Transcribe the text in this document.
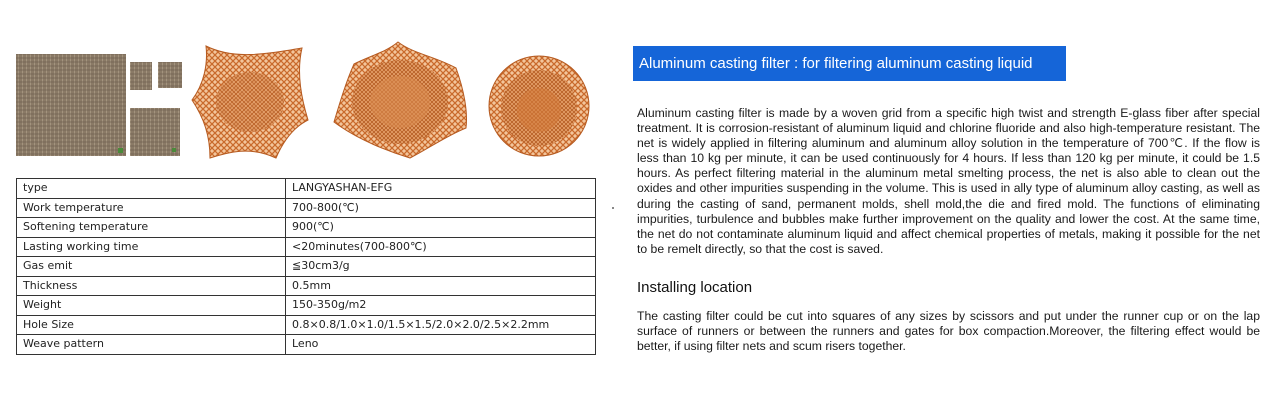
type	LANGYASHAN-EFG
Work temperature	700-800(℃)
Softening temperature	900(℃)
Lasting working time	<20minutes(700-800℃)
Gas emit	≦30cm3/g
Thickness	0.5mm
Weight	150-350g/m2
Hole Size	0.8×0.8/1.0×1.0/1.5×1.5/2.0×2.0/2.5×2.2mm
Weave pattern	Leno
Aluminum casting filter : for filtering aluminum casting liquid

Aluminum casting filter is made by a woven grid from a specific high twist and strength E-glass fiber after special treatment. It is corrosion-resistant of aluminum liquid and chlorine fluoride and also high-temperature resistant. The net is widely applied in filtering aluminum and aluminum alloy solution in the temperature of 700℃. If the flow is less than 10 kg per minute, it can be used continuously for 4 hours. If less than 120 kg per minute, it could be 1.5 hours. As perfect filtering material in the aluminum metal smelting process, the net is also able to clean out the oxides and other impurities suspending in the volume. This is used in ally type of aluminum alloy casting, as well as during the casting of sand, permanent molds, shell mold,the die and fired mold. The functions of eliminating impurities, turbulence and bubbles make further improvement on the quality and lower the cost. At the same time, the net do not contaminate aluminum liquid and affect chemical properties of metals, making it possible for the net to be remelt directly, so that the cost is saved.

Installing location

The casting filter could be cut into squares of any sizes by scissors and put under the runner cup or on the lap surface of runners or between the runners and gates for box compaction.Moreover, the filtering effect would be better, if using filter nets and scum risers together.
